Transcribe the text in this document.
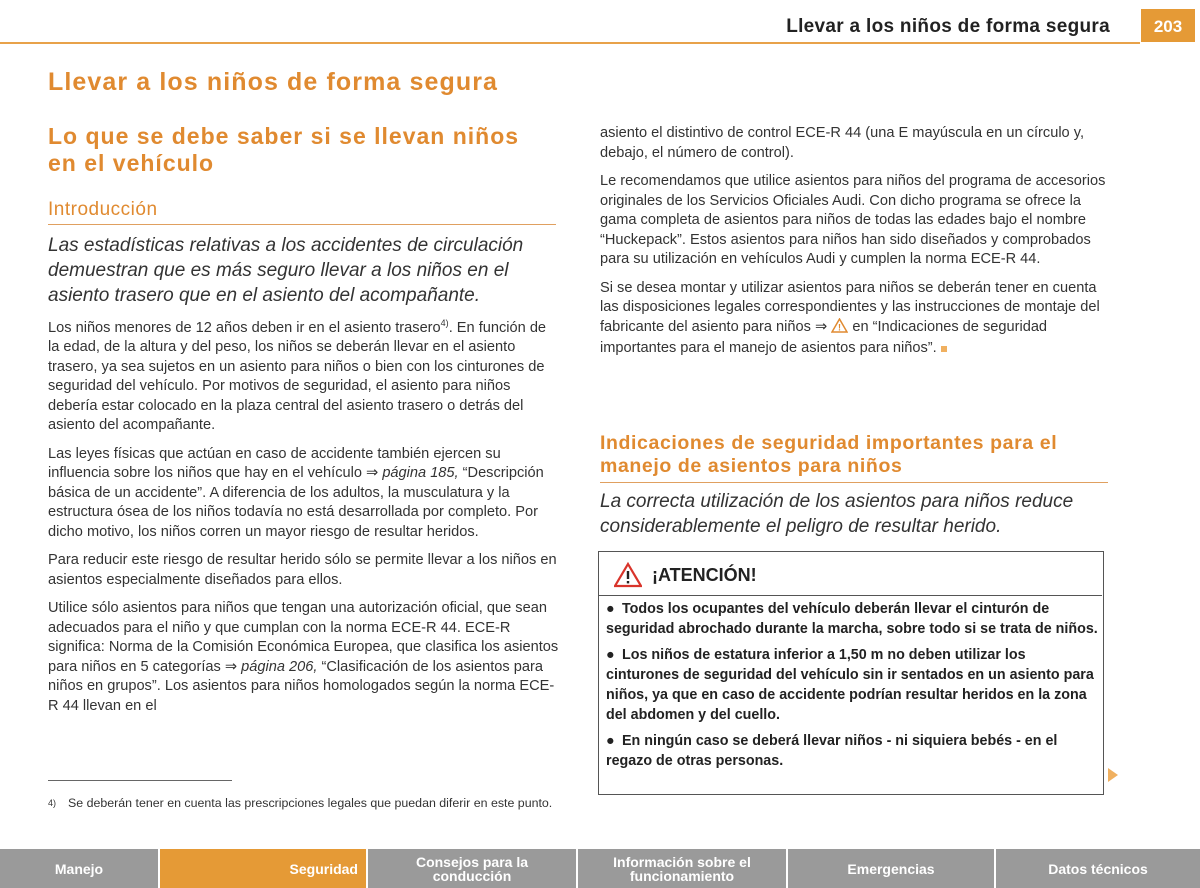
Llevar a los niños de forma segura	203
Llevar a los niños de forma segura
Lo que se debe saber si se llevan niños en el vehículo
Introducción
Las estadísticas relativas a los accidentes de circulación demuestran que es más seguro llevar a los niños en el asiento trasero que en el asiento del acompañante.

Los niños menores de 12 años deben ir en el asiento trasero$^{4)}$. En función de la edad, de la altura y del peso, los niños se deberán llevar en el asiento trasero, ya sea sujetos en un asiento para niños o bien con los cinturones de seguridad del vehículo. Por motivos de seguridad, el asiento para niños debería estar colocado en la plaza central del asiento trasero o detrás del asiento del acompañante.

Las leyes físicas que actúan en caso de accidente también ejercen su influencia sobre los niños que hay en el vehículo ⇒ página 185, “Descripción básica de un accidente”. A diferencia de los adultos, la musculatura y la estructura ósea de los niños todavía no está desarrollada por completo. Por dicho motivo, los niños corren un mayor riesgo de resultar heridos.

Para reducir este riesgo de resultar herido sólo se permite llevar a los niños en asientos especialmente diseñados para ellos.

Utilice sólo asientos para niños que tengan una autorización oficial, que sean adecuados para el niño y que cumplan con la norma ECE-R 44. ECE-R significa: Norma de la Comisión Económica Europea, que clasifica los asientos para niños en 5 categorías ⇒ página 206, “Clasificación de los asientos para niños en grupos”. Los asientos para niños homologados según la norma ECE-R 44 llevan en el

4) Se deberán tener en cuenta las prescripciones legales que puedan diferir en este punto.

asiento el distintivo de control ECE-R 44 (una E mayúscula en un círculo y, debajo, el número de control).

Le recomendamos que utilice asientos para niños del programa de accesorios originales de los Servicios Oficiales Audi. Con dicho programa se ofrece la gama completa de asientos para niños de todas las edades bajo el nombre “Huckepack”. Estos asientos para niños han sido diseñados y comprobados para su utilización en vehículos Audi y cumplen la norma ECE-R 44.

Si se desea montar y utilizar asientos para niños se deberán tener en cuenta las disposiciones legales correspondientes y las instrucciones de montaje del fabricante del asiento para niños ⇒ ! en “Indicaciones de seguridad importantes para el manejo de asientos para niños”.

Indicaciones de seguridad importantes para el manejo de asientos para niños
La correcta utilización de los asientos para niños reduce considerablemente el peligro de resultar herido.
¡ATENCIÓN!
● Todos los ocupantes del vehículo deberán llevar el cinturón de seguridad abrochado durante la marcha, sobre todo si se trata de niños.
● Los niños de estatura inferior a 1,50 m no deben utilizar los cinturones de seguridad del vehículo sin ir sentados en un asiento para niños, ya que en caso de accidente podrían resultar heridos en la zona del abdomen y del cuello.
● En ningún caso se deberá llevar niños - ni siquiera bebés - en el regazo de otras personas.
Manejo	Seguridad	Consejos para la conducción
Información sobre el funcionamiento	Emergencias	Datos técnicos
